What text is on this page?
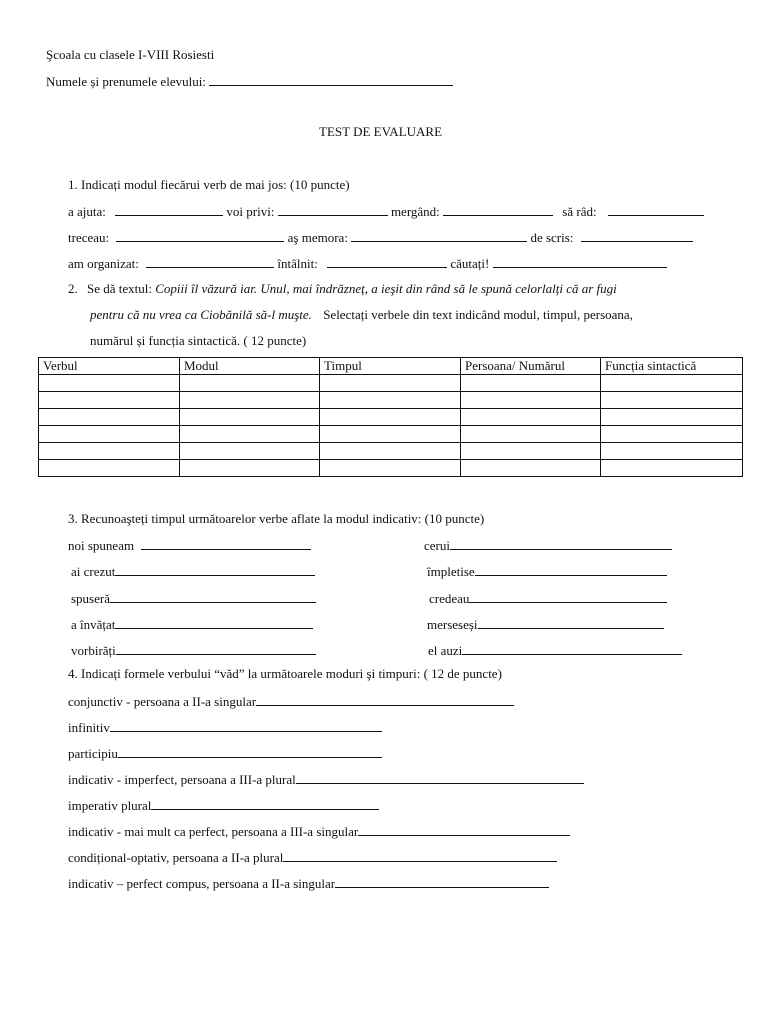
Şcoala cu clasele I-VIII Rosiesti
Numele și prenumele elevului:
TEST DE EVALUARE
1. Indicați modul fiecărui verb de mai jos: (10 puncte)
a ajuta:	voi privi:	mergând:	să râd:
treceau:	aş memora:	de scris:
am organizat:	întâlnit:	căutați!
2. Se dă textul: Copiii îl văzură iar. Unul, mai îndrăzneț, a ieşit din rând să le spună celorlalți că ar fugi
pentru că nu vrea ca Ciobănilă să-l muşte. Selectați verbele din text indicând modul, timpul, persoana,
numărul și funcția sintactică. ( 12 puncte)
Verbul	Modul	Timpul	Persoana/ Numărul	Funcția sintactică

3. Recunoaşteți timpul următoarelor verbe aflate la modul indicativ: (10 puncte)
noi spuneam	cerui
ai crezut	împletise
spuseră	credeau
a învățat	merseseși
vorbirăți	el auzi
4. Indicați formele verbului “văd” la următoarele moduri şi timpuri: ( 12 de puncte)
conjunctiv - persoana a II-a singular
infinitiv
participiu
indicativ - imperfect, persoana a III-a plural
imperativ plural
indicativ - mai mult ca perfect, persoana a III-a singular
condițional-optativ, persoana a II-a plural
indicativ – perfect compus, persoana a II-a singular
